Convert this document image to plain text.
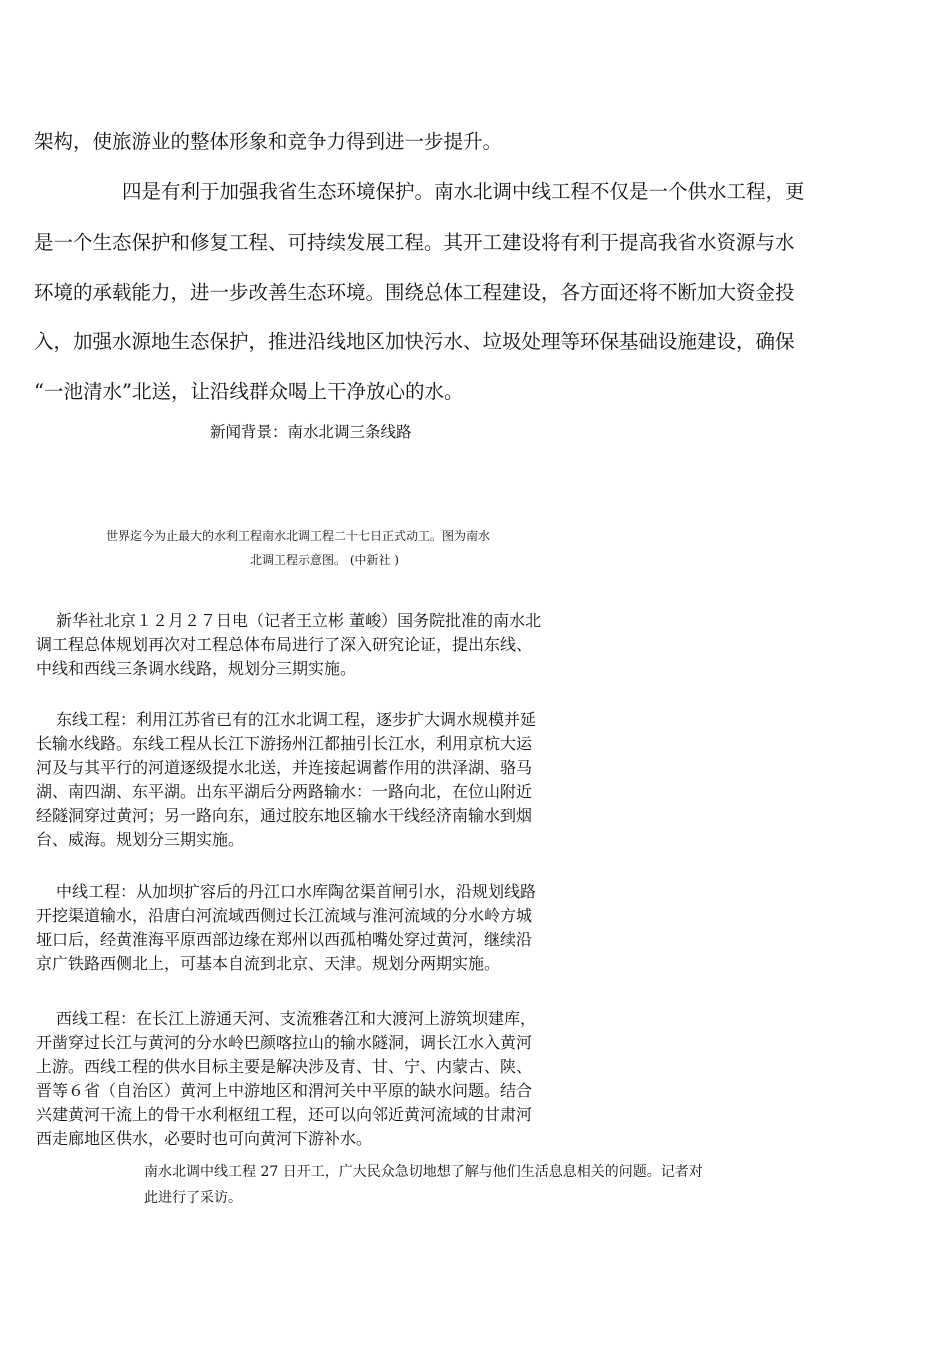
架构，使旅游业的整体形象和竞争力得到进一步提升。
四是有利于加强我省生态环境保护。南水北调中线工程不仅是一个供水工程，更
是一个生态保护和修复工程、可持续发展工程。其开工建设将有利于提高我省水资源与水
环境的承载能力，进一步改善生态环境。围绕总体工程建设，各方面还将不断加大资金投
入，加强水源地生态保护，推进沿线地区加快污水、垃圾处理等环保基础设施建设，确保
“一池清水”北送，让沿线群众喝上干净放心的水。
新闻背景：南水北调三条线路
世界迄今为止最大的水利工程南水北调工程二十七日正式动工。图为南水
北调工程示意图。 (中新社 )
新华社北京１２月２７日电（记者王立彬 董峻）国务院批准的南水北
调工程总体规划再次对工程总体布局进行了深入研究论证，提出东线、
中线和西线三条调水线路，规划分三期实施。
东线工程：利用江苏省已有的江水北调工程，逐步扩大调水规模并延
长输水线路。东线工程从长江下游扬州江都抽引长江水，利用京杭大运
河及与其平行的河道逐级提水北送，并连接起调蓄作用的洪泽湖、骆马
湖、南四湖、东平湖。出东平湖后分两路输水：一路向北，在位山附近
经隧洞穿过黄河；另一路向东，通过胶东地区输水干线经济南输水到烟
台、威海。规划分三期实施。
中线工程：从加坝扩容后的丹江口水库陶岔渠首闸引水，沿规划线路
开挖渠道输水，沿唐白河流域西侧过长江流域与淮河流域的分水岭方城
垭口后，经黄淮海平原西部边缘在郑州以西孤柏嘴处穿过黄河，继续沿
京广铁路西侧北上，可基本自流到北京、天津。规划分两期实施。
西线工程：在长江上游通天河、支流雅砻江和大渡河上游筑坝建库，
开凿穿过长江与黄河的分水岭巴颜喀拉山的输水隧洞，调长江水入黄河
上游。西线工程的供水目标主要是解决涉及青、甘、宁、内蒙古、陕、
晋等６省（自治区）黄河上中游地区和渭河关中平原的缺水问题。结合
兴建黄河干流上的骨干水利枢纽工程，还可以向邻近黄河流域的甘肃河
西走廊地区供水，必要时也可向黄河下游补水。
南水北调中线工程 27 日开工，广大民众急切地想了解与他们生活息息相关的问题。记者对
此进行了采访。
